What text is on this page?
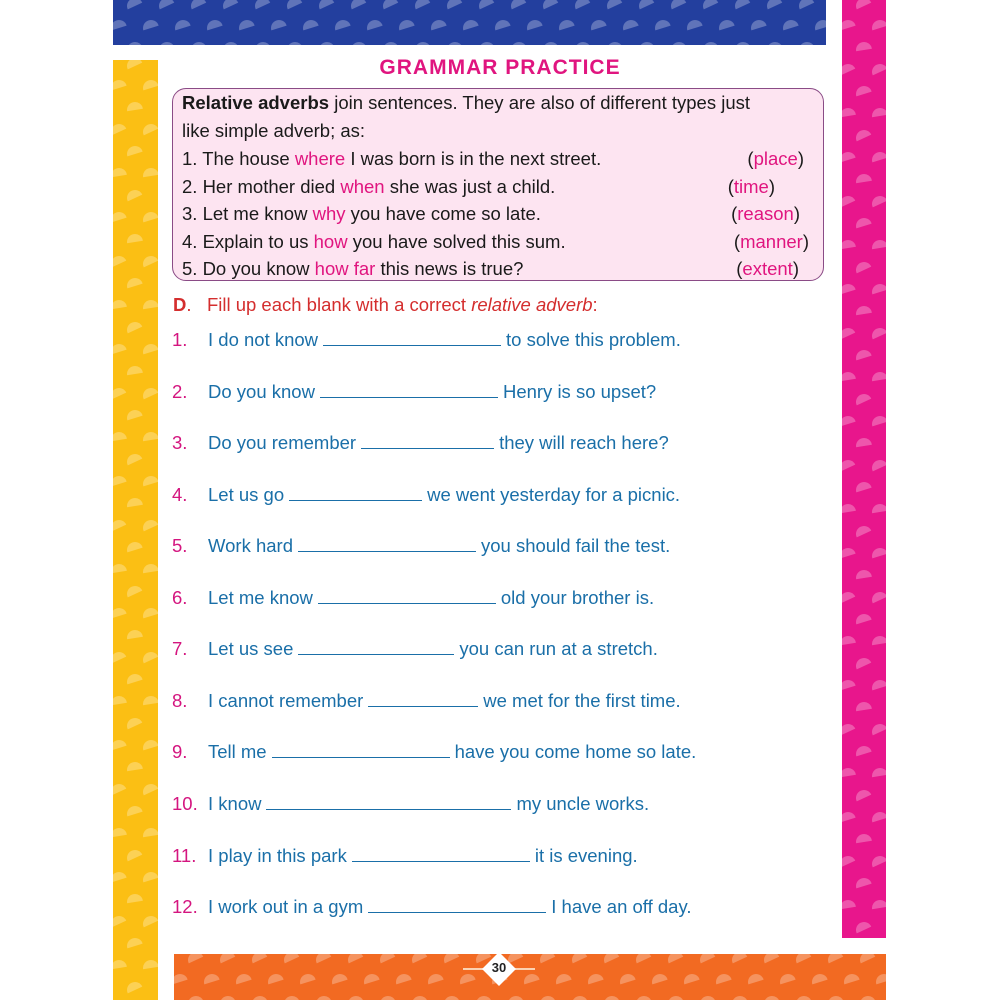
GRAMMAR PRACTICE
Relative adverbs join sentences. They are also of different types just
like simple adverb; as:
1. The house where I was born is in the next street.	(place)
2. Her mother died when she was just a child.	(time)
3. Let me know why you have come so late.	(reason)
4. Explain to us how you have solved this sum.	(manner)
5. Do you know how far this news is true?	(extent)
D.   Fill up each blank with a correct relative adverb:
1. I do not know	to solve this problem.
2. Do you know	Henry is so upset?
3. Do you remember	they will reach here?
4. Let us go	we went yesterday for a picnic.
5. Work hard	you should fail the test.
6. Let me know	old your brother is.
7. Let us see	you can run at a stretch.
8. I cannot remember	we met for the first time.
9. Tell me	have you come home so late.
10. I know	my uncle works.
11. I play in this park	it is evening.
12. I work out in a gym	I have an off day.
30
